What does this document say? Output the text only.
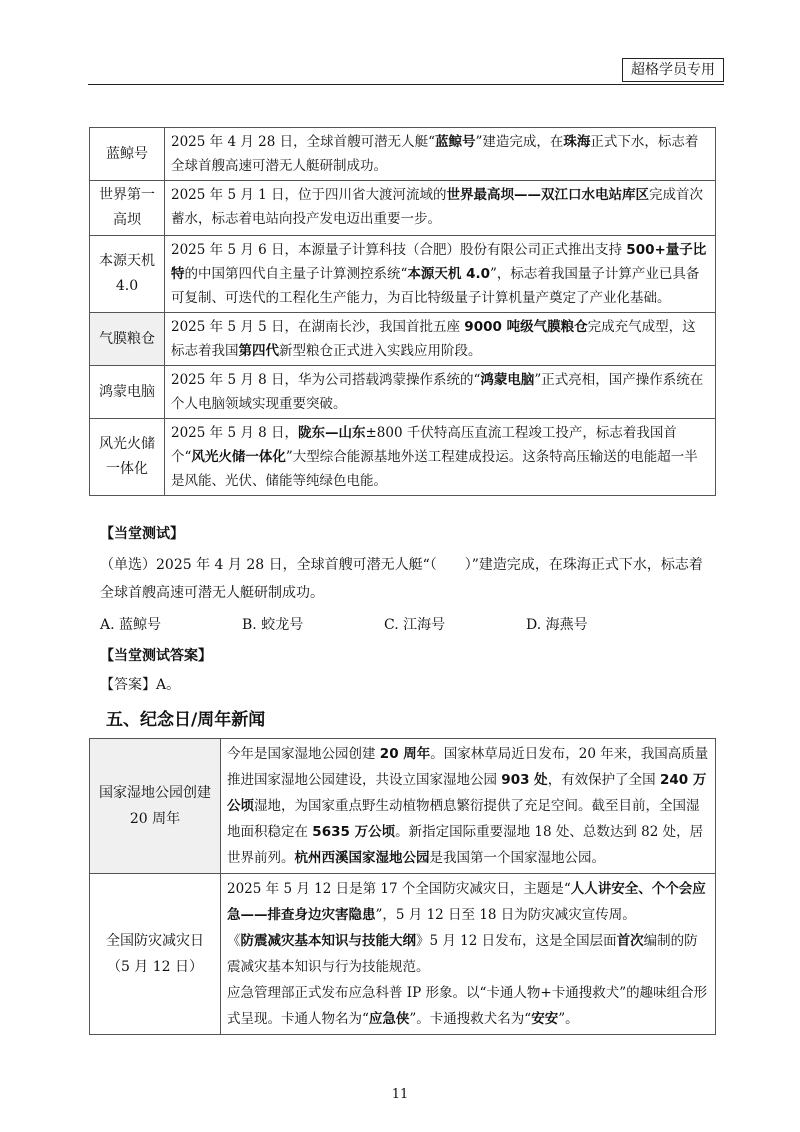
超格学员专用
蓝鲸号	2025 年 4 月 28 日，全球首艘可潜无人艇“蓝鲸号”建造完成，在珠海正式下水，标志着全球首艘高速可潜无人艇研制成功。
世界第一高坝	2025 年 5 月 1 日，位于四川省大渡河流域的世界最高坝——双江口水电站库区完成首次蓄水，标志着电站向投产发电迈出重要一步。
本源天机 4.0	2025 年 5 月 6 日，本源量子计算科技（合肥）股份有限公司正式推出支持 500+量子比特的中国第四代自主量子计算测控系统“本源天机 4.0”，标志着我国量子计算产业已具备可复制、可迭代的工程化生产能力，为百比特级量子计算机量产奠定了产业化基础。
气膜粮仓	2025 年 5 月 5 日，在湖南长沙，我国首批五座 9000 吨级气膜粮仓完成充气成型，这标志着我国第四代新型粮仓正式进入实践应用阶段。
鸿蒙电脑	2025 年 5 月 8 日，华为公司搭载鸿蒙操作系统的“鸿蒙电脑”正式亮相，国产操作系统在个人电脑领域实现重要突破。
风光火储一体化	2025 年 5 月 8 日，陇东—山东±800 千伏特高压直流工程竣工投产，标志着我国首个“风光火储一体化”大型综合能源基地外送工程建成投运。这条特高压输送的电能超一半是风能、光伏、储能等纯绿色电能。
【当堂测试】
（单选）2025 年 4 月 28 日，全球首艘可潜无人艇“（　　）”建造完成，在珠海正式下水，标志着全球首艘高速可潜无人艇研制成功。
A. 蓝鲸号	B. 蛟龙号	C. 江海号	D. 海燕号
【当堂测试答案】
【答案】A。
五、纪念日/周年新闻
国家湿地公园创建 20 周年	今年是国家湿地公园创建 20 周年。国家林草局近日发布，20 年来，我国高质量推进国家湿地公园建设，共设立国家湿地公园 903 处，有效保护了全国 240 万公顷湿地，为国家重点野生动植物栖息繁衍提供了充足空间。截至目前，全国湿地面积稳定在 5635 万公顷。新指定国际重要湿地 18 处、总数达到 82 处，居世界前列。杭州西溪国家湿地公园是我国第一个国家湿地公园。

全国防灾减灾日（5 月 12 日）	2025 年 5 月 12 日是第 17 个全国防灾减灾日，主题是“人人讲安全、个个会应急——排查身边灾害隐患”，5 月 12 日至 18 日为防灾减灾宣传周。
《防震减灾基本知识与技能大纲》5 月 12 日发布，这是全国层面首次编制的防震减灾基本知识与行为技能规范。
应急管理部正式发布应急科普 IP 形象。以“卡通人物+卡通搜救犬”的趣味组合形式呈现。卡通人物名为“应急侠”。卡通搜救犬名为“安安”。
11
